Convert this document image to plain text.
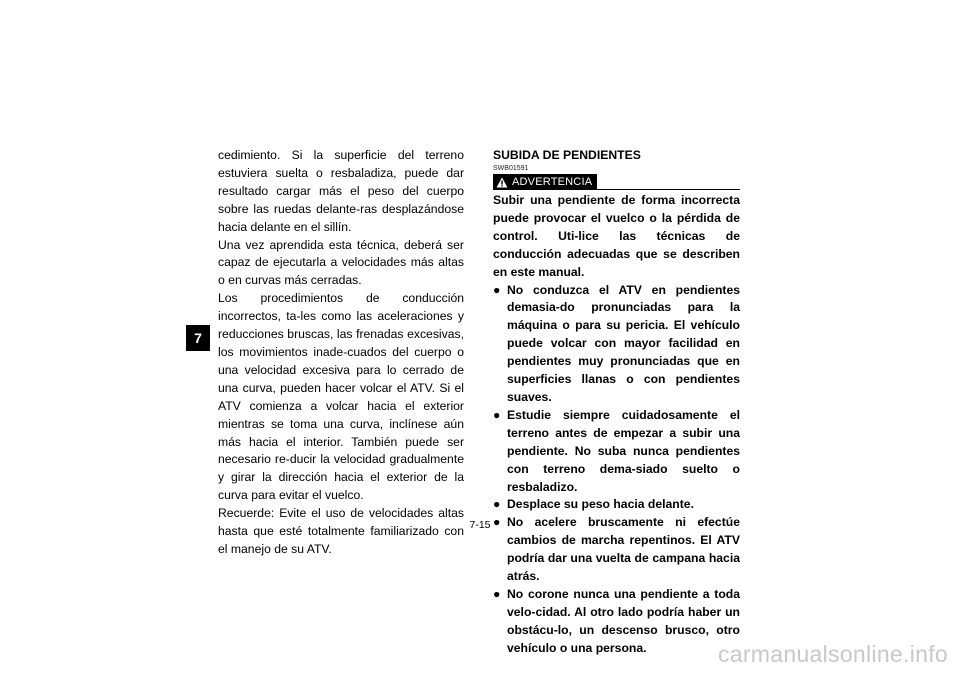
7

cedimiento. Si la superficie del terreno estuviera suelta o resbaladiza, puede dar resultado cargar más el peso del cuerpo sobre las ruedas delante-ras desplazándose hacia delante en el sillín.

Una vez aprendida esta técnica, deberá ser capaz de ejecutarla a velocidades más altas o en curvas más cerradas.

Los procedimientos de conducción incorrectos, ta-les como las aceleraciones y reducciones bruscas, las frenadas excesivas, los movimientos inade-cuados del cuerpo o una velocidad excesiva para lo cerrado de una curva, pueden hacer volcar el ATV. Si el ATV comienza a volcar hacia el exterior mientras se toma una curva, inclínese aún más hacia el interior. También puede ser necesario re-ducir la velocidad gradualmente y girar la dirección hacia el exterior de la curva para evitar el vuelco.

Recuerde: Evite el uso de velocidades altas hasta que esté totalmente familiarizado con el manejo de su ATV.

SUBIDA DE PENDIENTES
SWB01591
ADVERTENCIA

Subir una pendiente de forma incorrecta puede provocar el vuelco o la pérdida de control. Uti-lice las técnicas de conducción adecuadas que se describen en este manual.

● No conduzca el ATV en pendientes demasia-do pronunciadas para la máquina o para su pericia. El vehículo puede volcar con mayor facilidad en pendientes muy pronunciadas que en superficies llanas o con pendientes suaves.
● Estudie siempre cuidadosamente el terreno antes de empezar a subir una pendiente. No suba nunca pendientes con terreno dema-siado suelto o resbaladizo.
● Desplace su peso hacia delante.
● No acelere bruscamente ni efectúe cambios de marcha repentinos. El ATV podría dar una vuelta de campana hacia atrás.
● No corone nunca una pendiente a toda velo-cidad. Al otro lado podría haber un obstácu-lo, un descenso brusco, otro vehículo o una persona.
7-15
carmanualsonline.info
